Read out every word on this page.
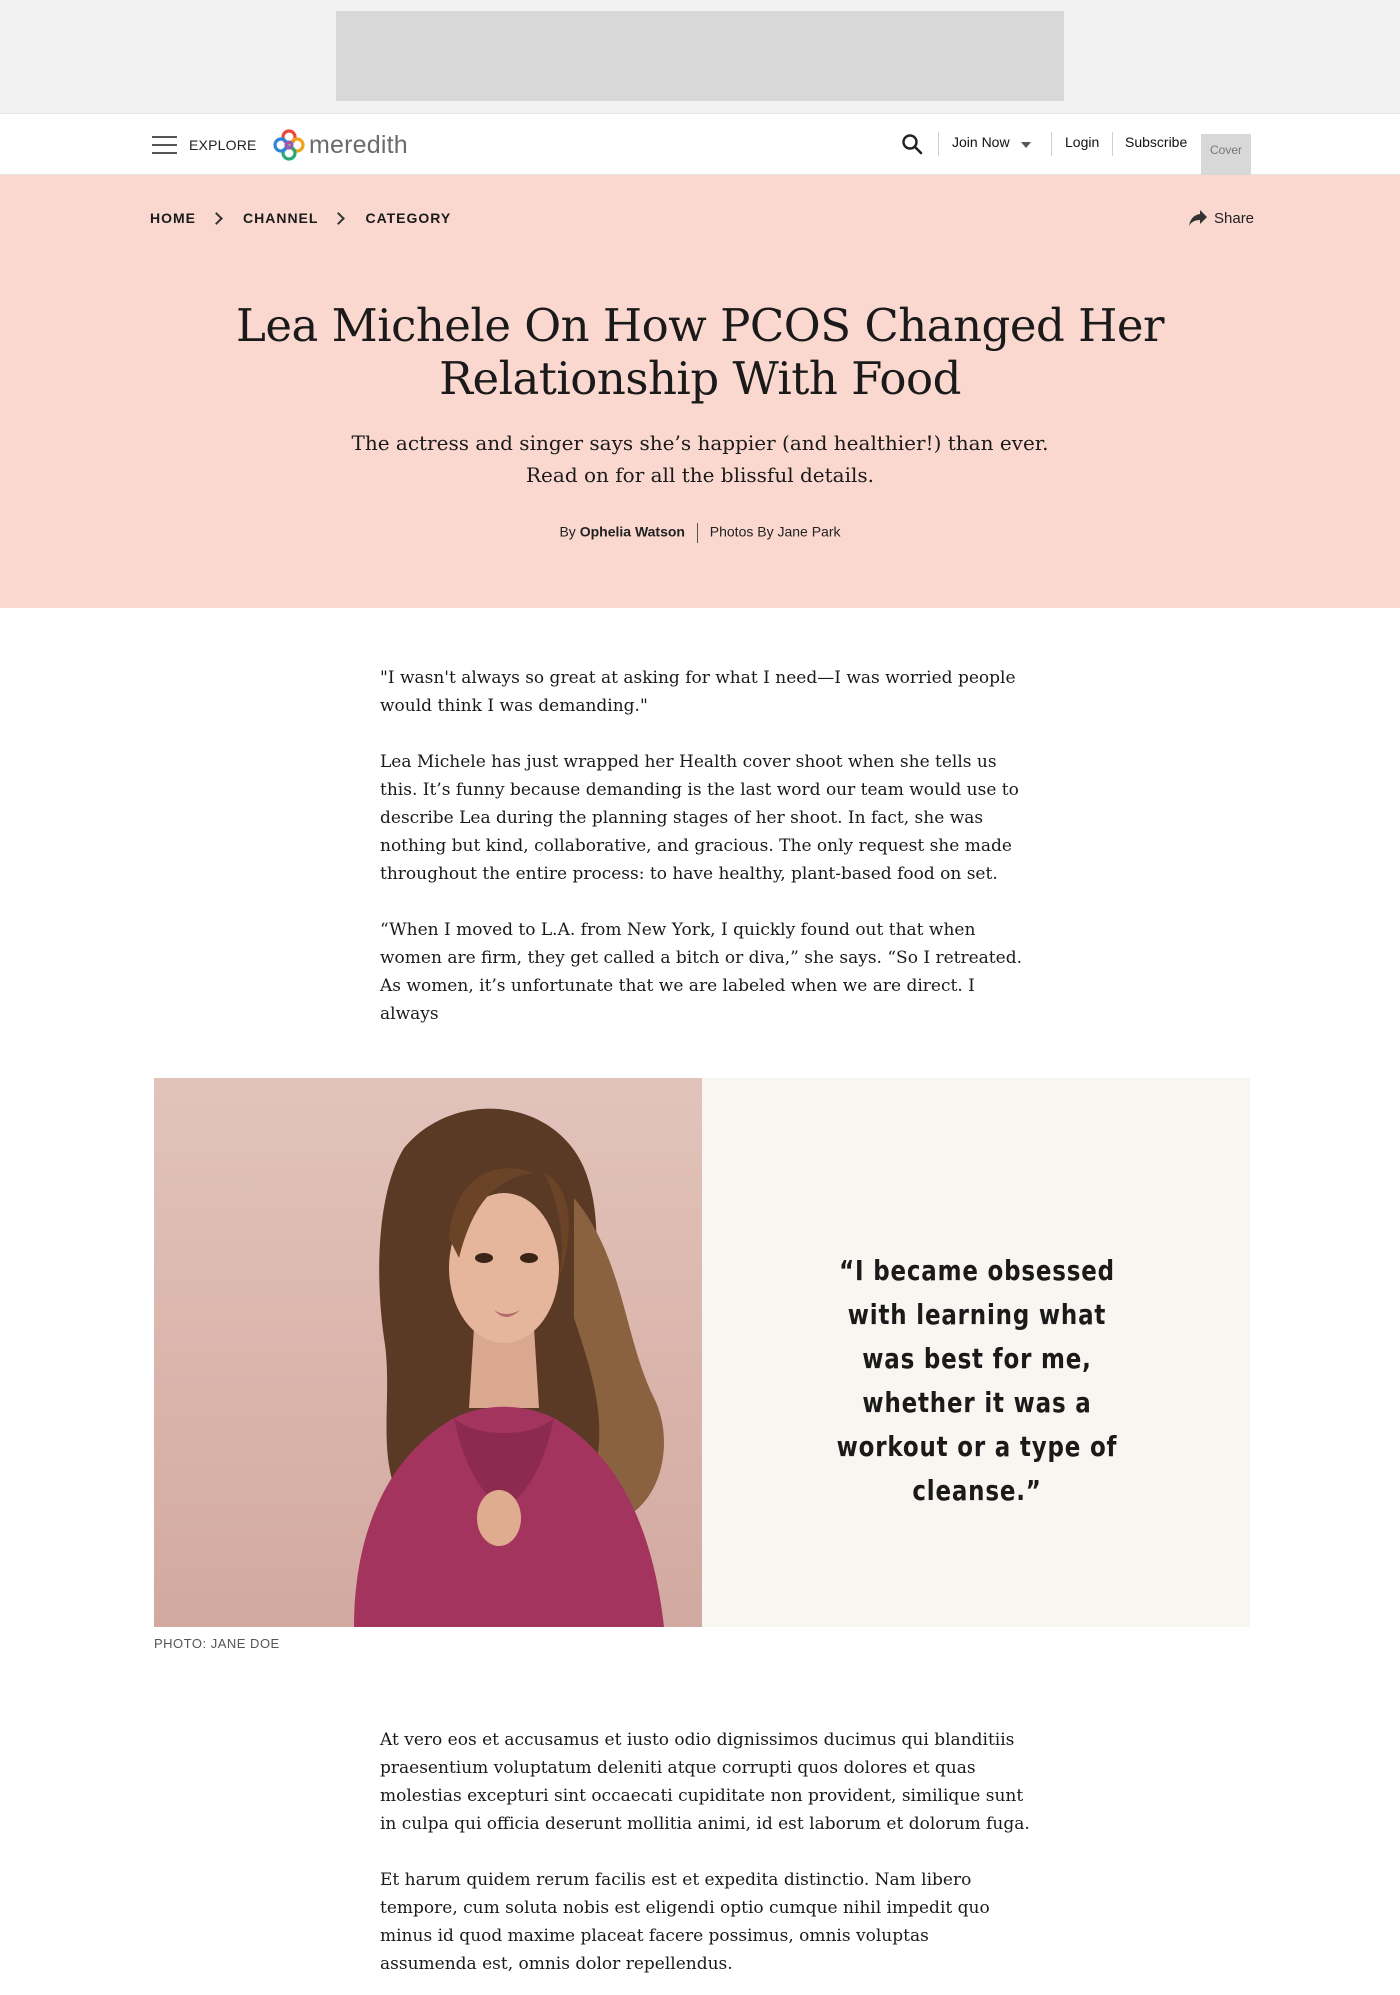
EXPLORE meredith	Join Now	Login Subscribe	Cover
HOME	CHANNEL	CATEGORY	Share
Lea Michele On How PCOS Changed Her
Relationship With Food

The actress and singer says she’s happier (and healthier!) than ever.
Read on for all the blissful details.

By Ophelia Watson Photos By Jane Park

"I wasn't always so great at asking for what I need—I was worried people would think I was demanding."

Lea Michele has just wrapped her Health cover shoot when she tells us this. It’s funny because demanding is the last word our team would use to describe Lea during the planning stages of her shoot. In fact, she was nothing but kind, collaborative, and gracious. The only request she made throughout the entire process: to have healthy, plant-based food on set.

“When I moved to L.A. from New York, I quickly found out that when women are firm, they get called a bitch or diva,” she says. “So I retreated. As women, it’s unfortunate that we are labeled when we are direct. I always

“I became obsessed with learning what was best for me, whether it was a workout or a type of cleanse.”

PHOTO: JANE DOE

At vero eos et accusamus et iusto odio dignissimos ducimus qui blanditiis praesentium voluptatum deleniti atque corrupti quos dolores et quas molestias excepturi sint occaecati cupiditate non provident, similique sunt in culpa qui officia deserunt mollitia animi, id est laborum et dolorum fuga.

Et harum quidem rerum facilis est et expedita distinctio. Nam libero tempore, cum soluta nobis est eligendi optio cumque nihil impedit quo minus id quod maxime placeat facere possimus, omnis voluptas assumenda est, omnis dolor repellendus.
